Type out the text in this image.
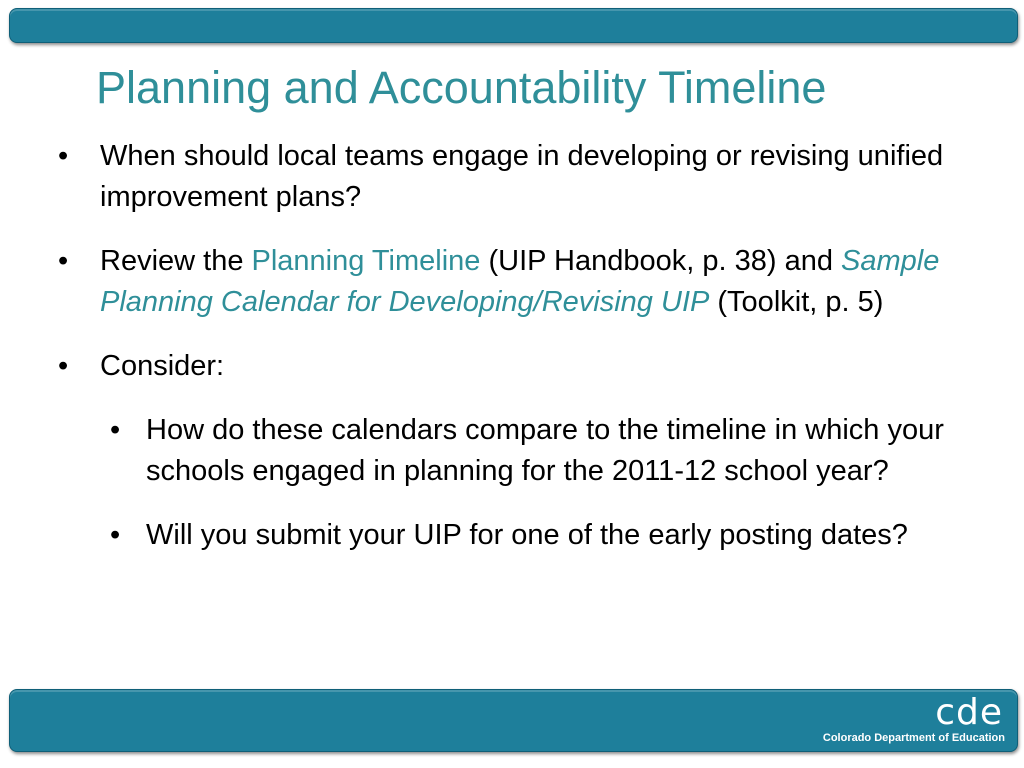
Planning and Accountability Timeline
• When should local teams engage in developing or revising unified improvement plans?
• Review the Planning Timeline (UIP Handbook, p. 38) and Sample Planning Calendar for Developing/Revising UIP (Toolkit, p. 5)
• Consider:
• How do these calendars compare to the timeline in which your schools engaged in planning for the 2011-12 school year?
• Will you submit your UIP for one of the early posting dates?
cde
Colorado Department of Education
